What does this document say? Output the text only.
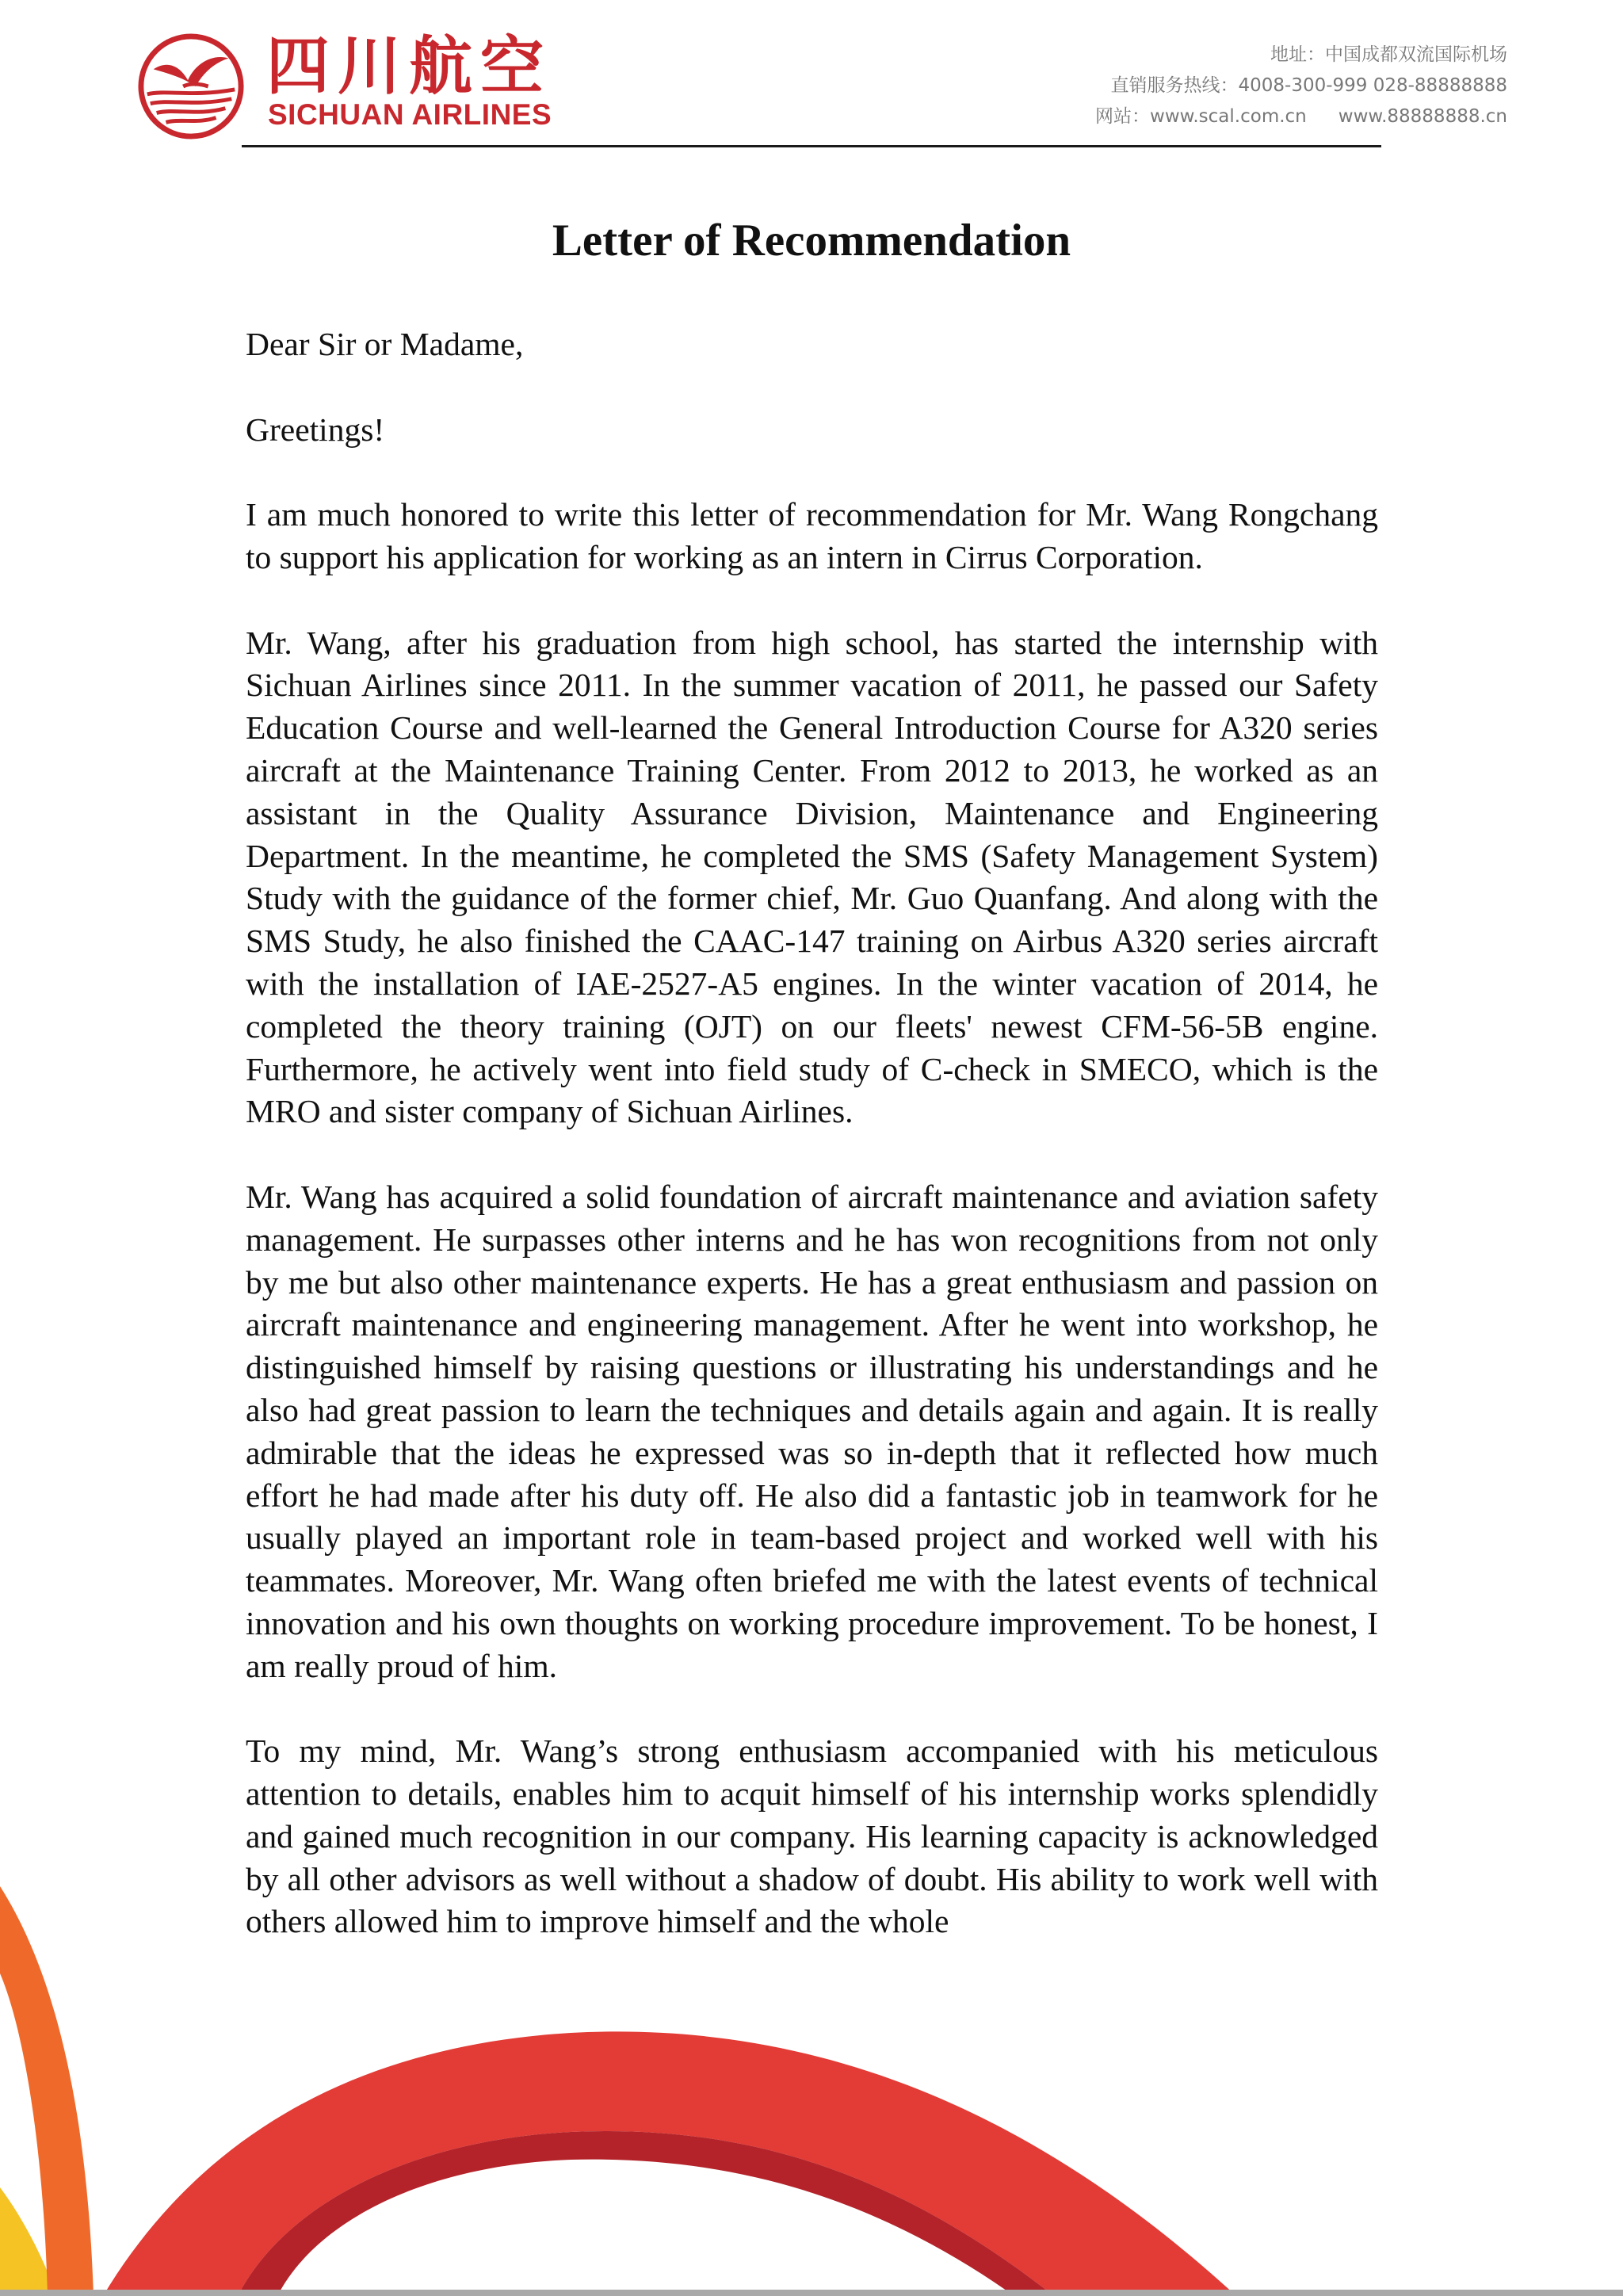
四川航空
SICHUAN AIRLINES
地址：中国成都双流国际机场
直销服务热线：4008-300-999 028-88888888
网站：www.scal.com.cn www.88888888.cn
Letter of Recommendation

Dear Sir or Madame,

Greetings!

I am much honored to write this letter of recommendation for Mr. Wang Rongchang to support his application for working as an intern in Cirrus Corporation.

Mr. Wang, after his graduation from high school, has started the internship with Sichuan Airlines since 2011. In the summer vacation of 2011, he passed our Safety Education Course and well-learned the General Introduction Course for A320 series aircraft at the Maintenance Training Center. From 2012 to 2013, he worked as an assistant in the Quality Assurance Division, Maintenance and Engineering Department. In the meantime, he completed the SMS (Safety Management System) Study with the guidance of the former chief, Mr. Guo Quanfang. And along with the SMS Study, he also finished the CAAC-147 training on Airbus A320 series aircraft with the installation of IAE-2527-A5 engines. In the winter vacation of 2014, he completed the theory training (OJT) on our fleets' newest CFM-56-5B engine. Furthermore, he actively went into field study of C-check in SMECO, which is the MRO and sister company of Sichuan Airlines.

Mr. Wang has acquired a solid foundation of aircraft maintenance and aviation safety management. He surpasses other interns and he has won recognitions from not only by me but also other maintenance experts. He has a great enthusiasm and passion on aircraft maintenance and engineering management. After he went into workshop, he distinguished himself by raising questions or illustrating his understandings and he also had great passion to learn the techniques and details again and again. It is really admirable that the ideas he expressed was so in-depth that it reflected how much effort he had made after his duty off. He also did a fantastic job in teamwork for he usually played an important role in team-based project and worked well with his teammates. Moreover, Mr. Wang often briefed me with the latest events of technical innovation and his own thoughts on working procedure improvement. To be honest, I am really proud of him.

To my mind, Mr. Wang’s strong enthusiasm accompanied with his meticulous attention to details, enables him to acquit himself of his internship works splendidly and gained much recognition in our company. His learning capacity is acknowledged by all other advisors as well without a shadow of doubt. His ability to work well with others allowed him to improve himself and the whole
